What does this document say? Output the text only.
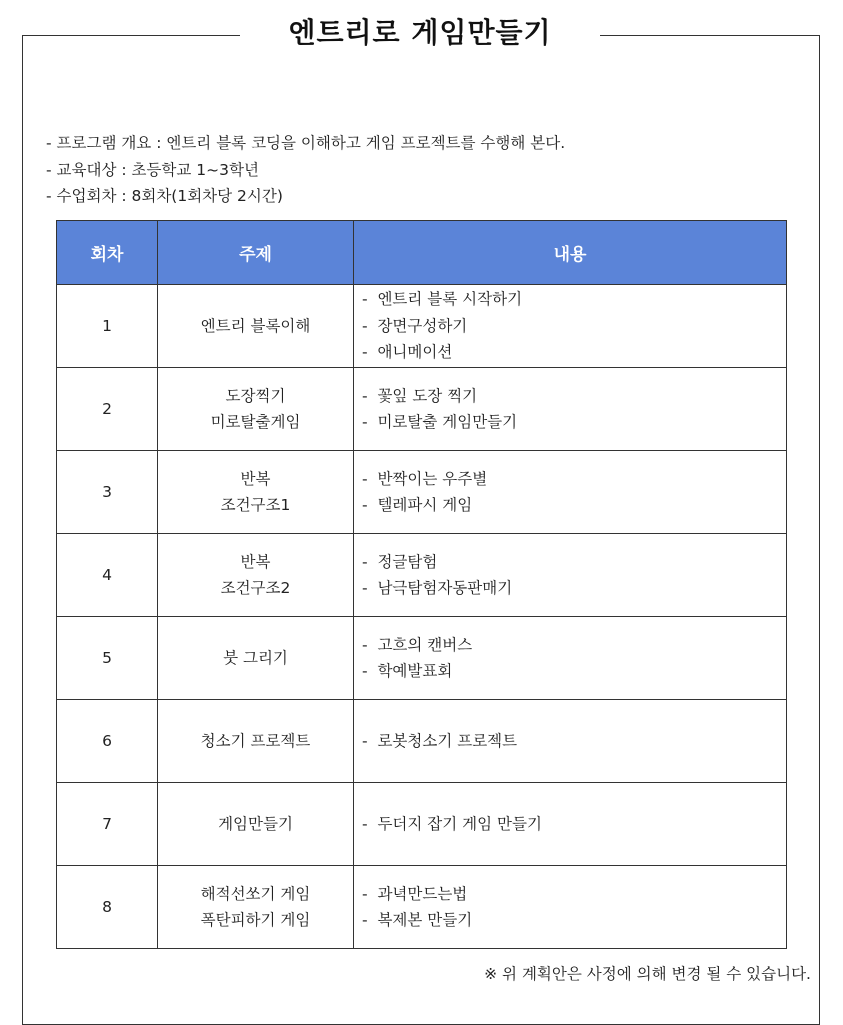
엔트리로 게임만들기
- 프로그램 개요 : 엔트리 블록 코딩을 이해하고 게임 프로젝트를 수행해 본다.
- 교육대상 : 초등학교 1~3학년
- 수업회차 : 8회차(1회차당 2시간)
회차	주제	내용
1	엔트리 블록이해	-  엔트리 블록 시작하기
-  장면구성하기
-  애니메이션

2	도장찍기
미로탈출게임	-  꽃잎 도장 찍기
-  미로탈출 게임만들기

3	반복
조건구조1	-  반짝이는 우주별
-  텔레파시 게임

4	반복
조건구조2	-  정글탐험
-  남극탐험자동판매기

5	붓 그리기	-  고흐의 캔버스
-  학예발표회

6	청소기 프로젝트	-  로봇청소기 프로젝트

7	게임만들기	-  두더지 잡기 게임 만들기

8	해적선쏘기 게임
폭탄피하기 게임	-  과녁만드는법
-  복제본 만들기
※ 위 계획안은 사정에 의해 변경 될 수 있습니다.
